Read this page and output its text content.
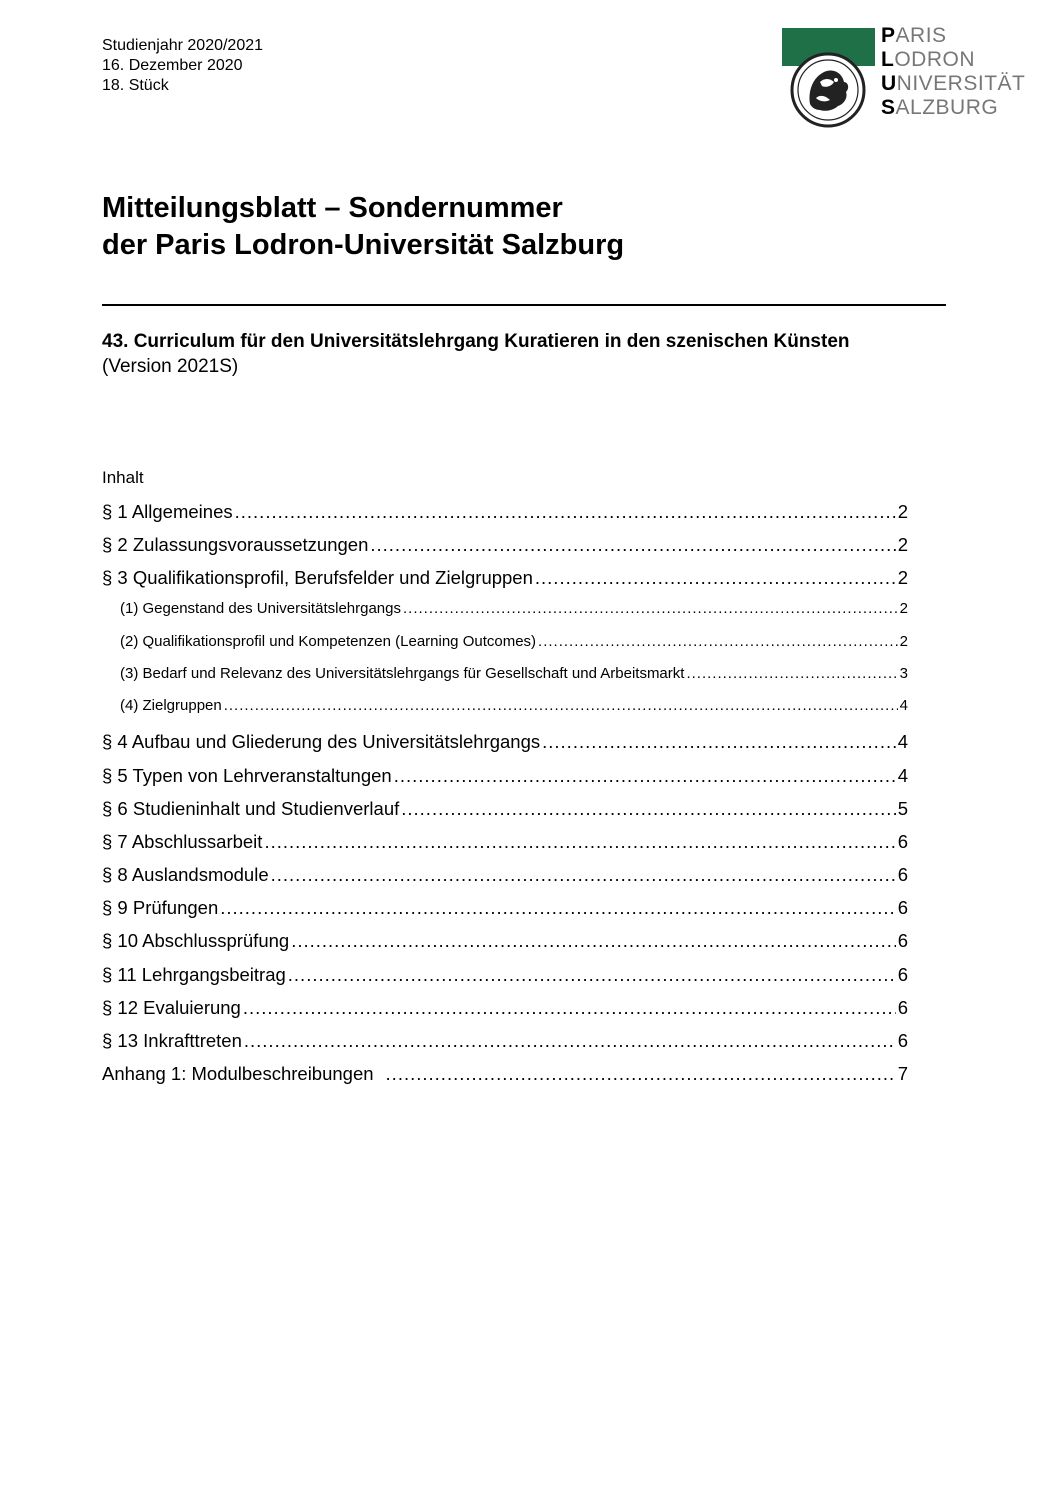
Studienjahr 2020/2021
16. Dezember 2020
18. Stück
PARIS
LODRON
UNIVERSITÄT
SALZBURG
Mitteilungsblatt – Sondernummer
der Paris Lodron-Universität Salzburg
43. Curriculum für den Universitätslehrgang Kuratieren in den szenischen Künsten
(Version 2021S)
Inhalt
§ 1 Allgemeines .....	2
§ 2 Zulassungsvoraussetzungen .....	2
§ 3 Qualifikationsprofil, Berufsfelder und Zielgruppen .....	2
(1) Gegenstand des Universitätslehrgangs .....	2
(2) Qualifikationsprofil und Kompetenzen (Learning Outcomes) .....	2
(3) Bedarf und Relevanz des Universitätslehrgangs für Gesellschaft und Arbeitsmarkt .....	3
(4) Zielgruppen .....	4
§ 4 Aufbau und Gliederung des Universitätslehrgangs .....	4
§ 5 Typen von Lehrveranstaltungen .....	4
§ 6 Studieninhalt und Studienverlauf .....	5
§ 7 Abschlussarbeit .....	6
§ 8 Auslandsmodule .....	6
§ 9 Prüfungen .....	6
§ 10 Abschlussprüfung .....	6
§ 11 Lehrgangsbeitrag .....	6
§ 12 Evaluierung .....	6
§ 13 Inkrafttreten .....	6
Anhang 1: Modulbeschreibungen .....	7
